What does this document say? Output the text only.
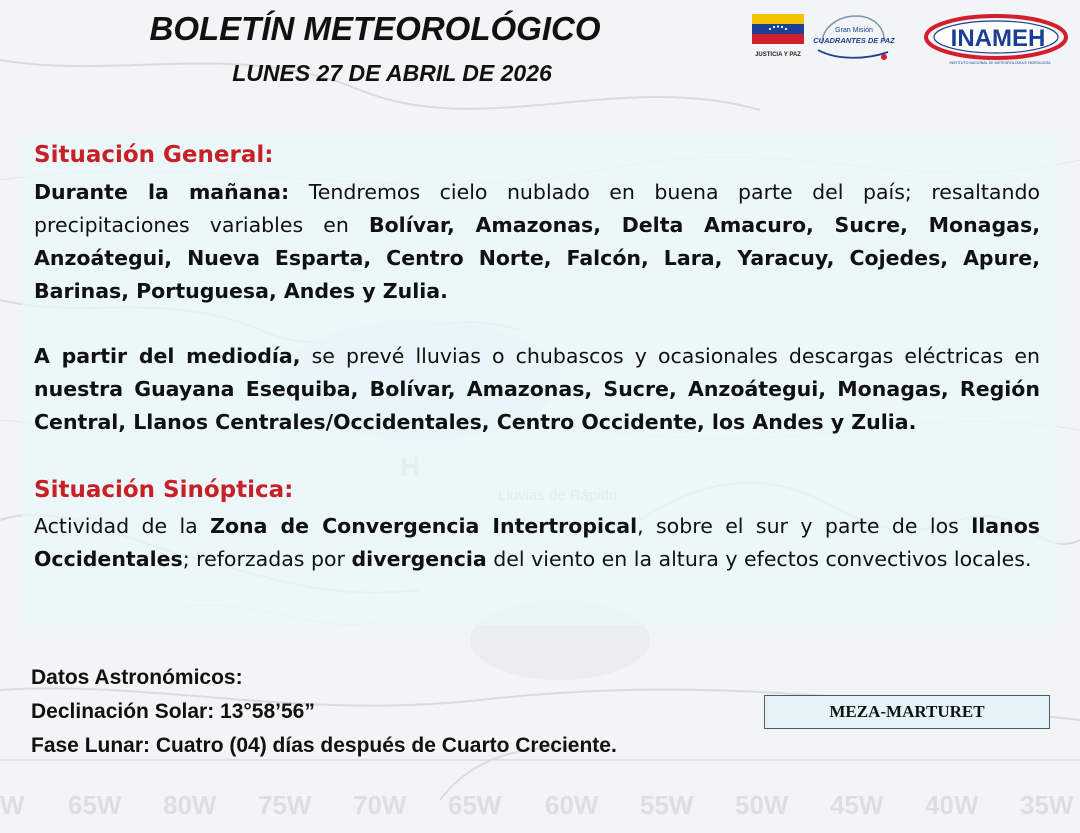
BOLETÍN METEOROLÓGICO
LUNES 27 DE ABRIL DE 2026
JUSTICIA Y PAZ
Gran Misión
CUADRANTES DE PAZ INAMEH
INSTITUTO NACIONAL DE METEOROLOGÍA E HIDROLOGÍA
Situación General:

Durante la mañana: Tendremos cielo nublado en buena parte del país; resaltando precipitaciones variables en Bolívar, Amazonas, Delta Amacuro, Sucre, Monagas, Anzoátegui, Nueva Esparta, Centro Norte, Falcón, Lara, Yaracuy, Cojedes, Apure, Barinas, Portuguesa, Andes y Zulia.

A partir del mediodía, se prevé lluvias o chubascos y ocasionales descargas eléctricas en nuestra Guayana Esequiba, Bolívar, Amazonas, Sucre, Anzoátegui, Monagas, Región Central, Llanos Centrales/Occidentales, Centro Occidente, los Andes y Zulia.

Situación Sinóptica:

Actividad de la Zona de Convergencia Intertropical, sobre el sur y parte de los llanos Occidentales; reforzadas por divergencia del viento en la altura y efectos convectivos locales.

Datos Astronómicos:
Declinación Solar: 13°58’56”
Fase Lunar: Cuatro (04) días después de Cuarto Creciente.
MEZA-MARTURET
W 65W 80W 75W 70W 65W 60W 55W 50W 45W 40W 35W
